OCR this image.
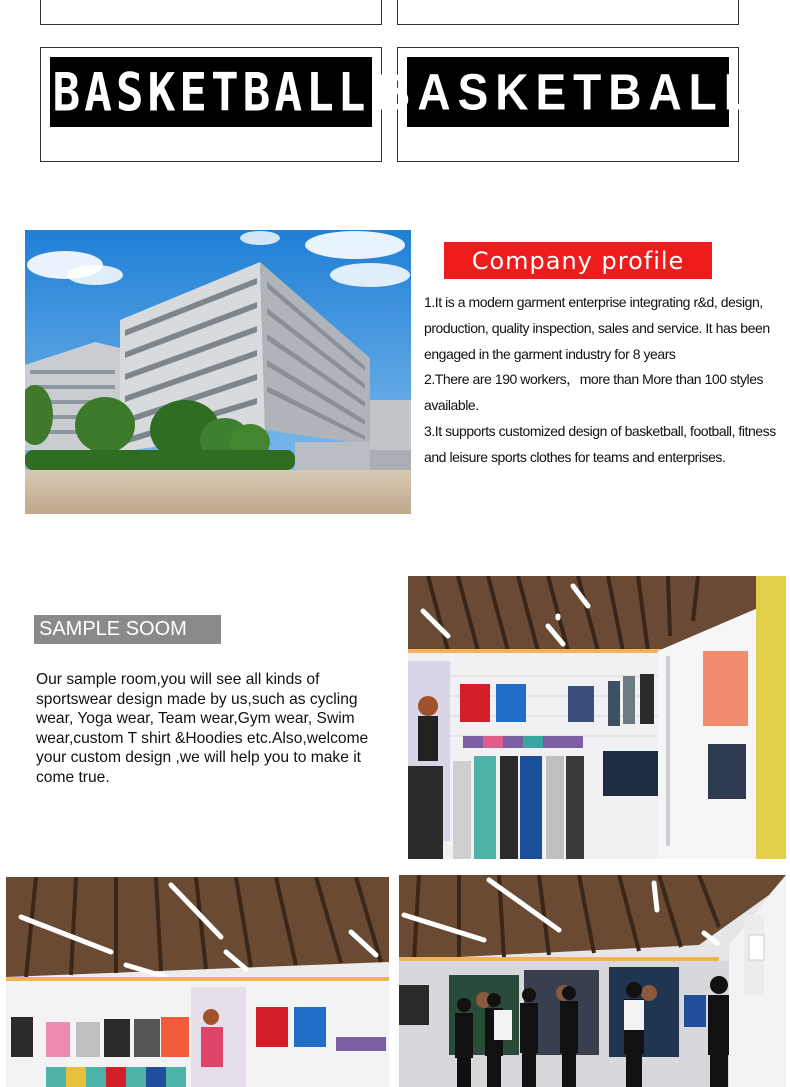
BASKETBALL BASKETBALL
Company profile

1.It is a modern garment enterprise integrating r&d, design, production, quality inspection, sales and service. It has been engaged in the garment industry for 8 years

2.There are 190 workers，more than More than 100 styles available.

3.It supports customized design of basketball, football, fitness and leisure sports clothes for teams and enterprises.

SAMPLE SOOM
Our sample room,you will see all kinds of sportswear design made by us,such as cycling wear, Yoga wear, Team wear,Gym wear, Swim wear,custom T shirt &Hoodies etc.Also,welcome your custom design ,we will help you to make it come true.
